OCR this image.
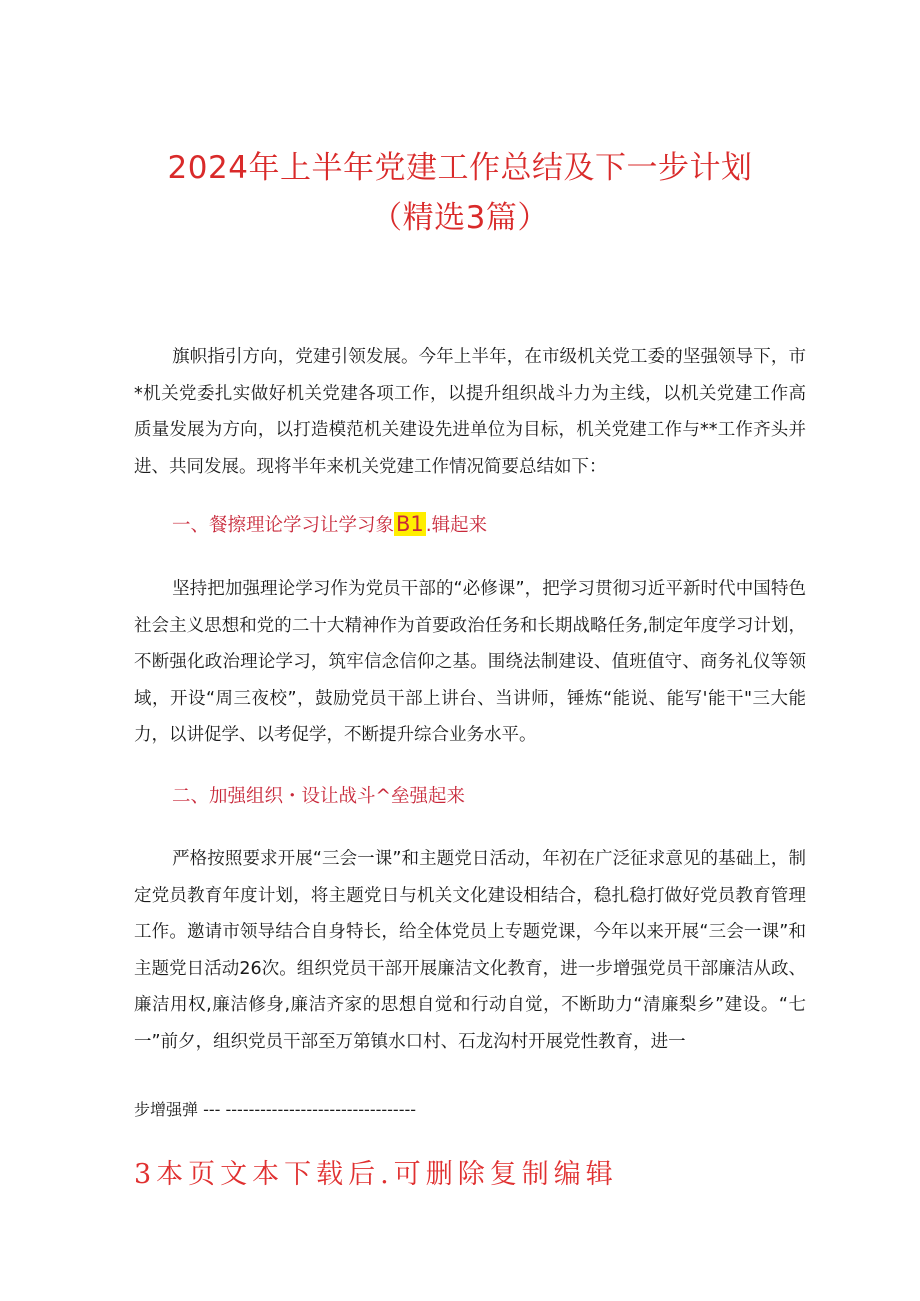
2024年上半年党建工作总结及下一步计划
（精选3篇）

旗帜指引方向，党建引领发展。今年上半年，在市级机关党工委的坚强领导下，市*机关党委扎实做好机关党建各项工作，以提升组织战斗力为主线，以机关党建工作高质量发展为方向，以打造模范机关建设先进单位为目标，机关党建工作与**工作齐头并进、共同发展。现将半年来机关党建工作情况简要总结如下：

一、餐擦理论学习让学习象B1 .辑起来

坚持把加强理论学习作为党员干部的“必修课”，把学习贯彻习近平新时代中国特色社会主义思想和党的二十大精神作为首要政治任务和长期战略任务,制定年度学习计划，不断强化政治理论学习，筑牢信念信仰之基。围绕法制建设、值班值守、商务礼仪等领域，开设“周三夜校”，鼓励党员干部上讲台、当讲师，锤炼“能说、能写'能干"三大能力，以讲促学、以考促学，不断提升综合业务水平。

二、加强组织・设让战斗^垒强起来

严格按照要求开展“三会一课”和主题党日活动，年初在广泛征求意见的基础上，制定党员教育年度计划，将主题党日与机关文化建设相结合，稳扎稳打做好党员教育管理工作。邀请市领导结合自身特长，给全体党员上专题党课，今年以来开展“三会一课”和主题党日活动26次。组织党员干部开展廉洁文化教育，进一步增强党员干部廉洁从政、廉洁用权,廉洁修身,廉洁齐家的思想自觉和行动自觉，不断助力“清廉梨乡”建设。“七一”前夕，组织党员干部至万第镇水口村、石龙沟村开展党性教育，进一

步增强弹 --- ---------------------------------
3本页文本下载后.可删除复制编辑
